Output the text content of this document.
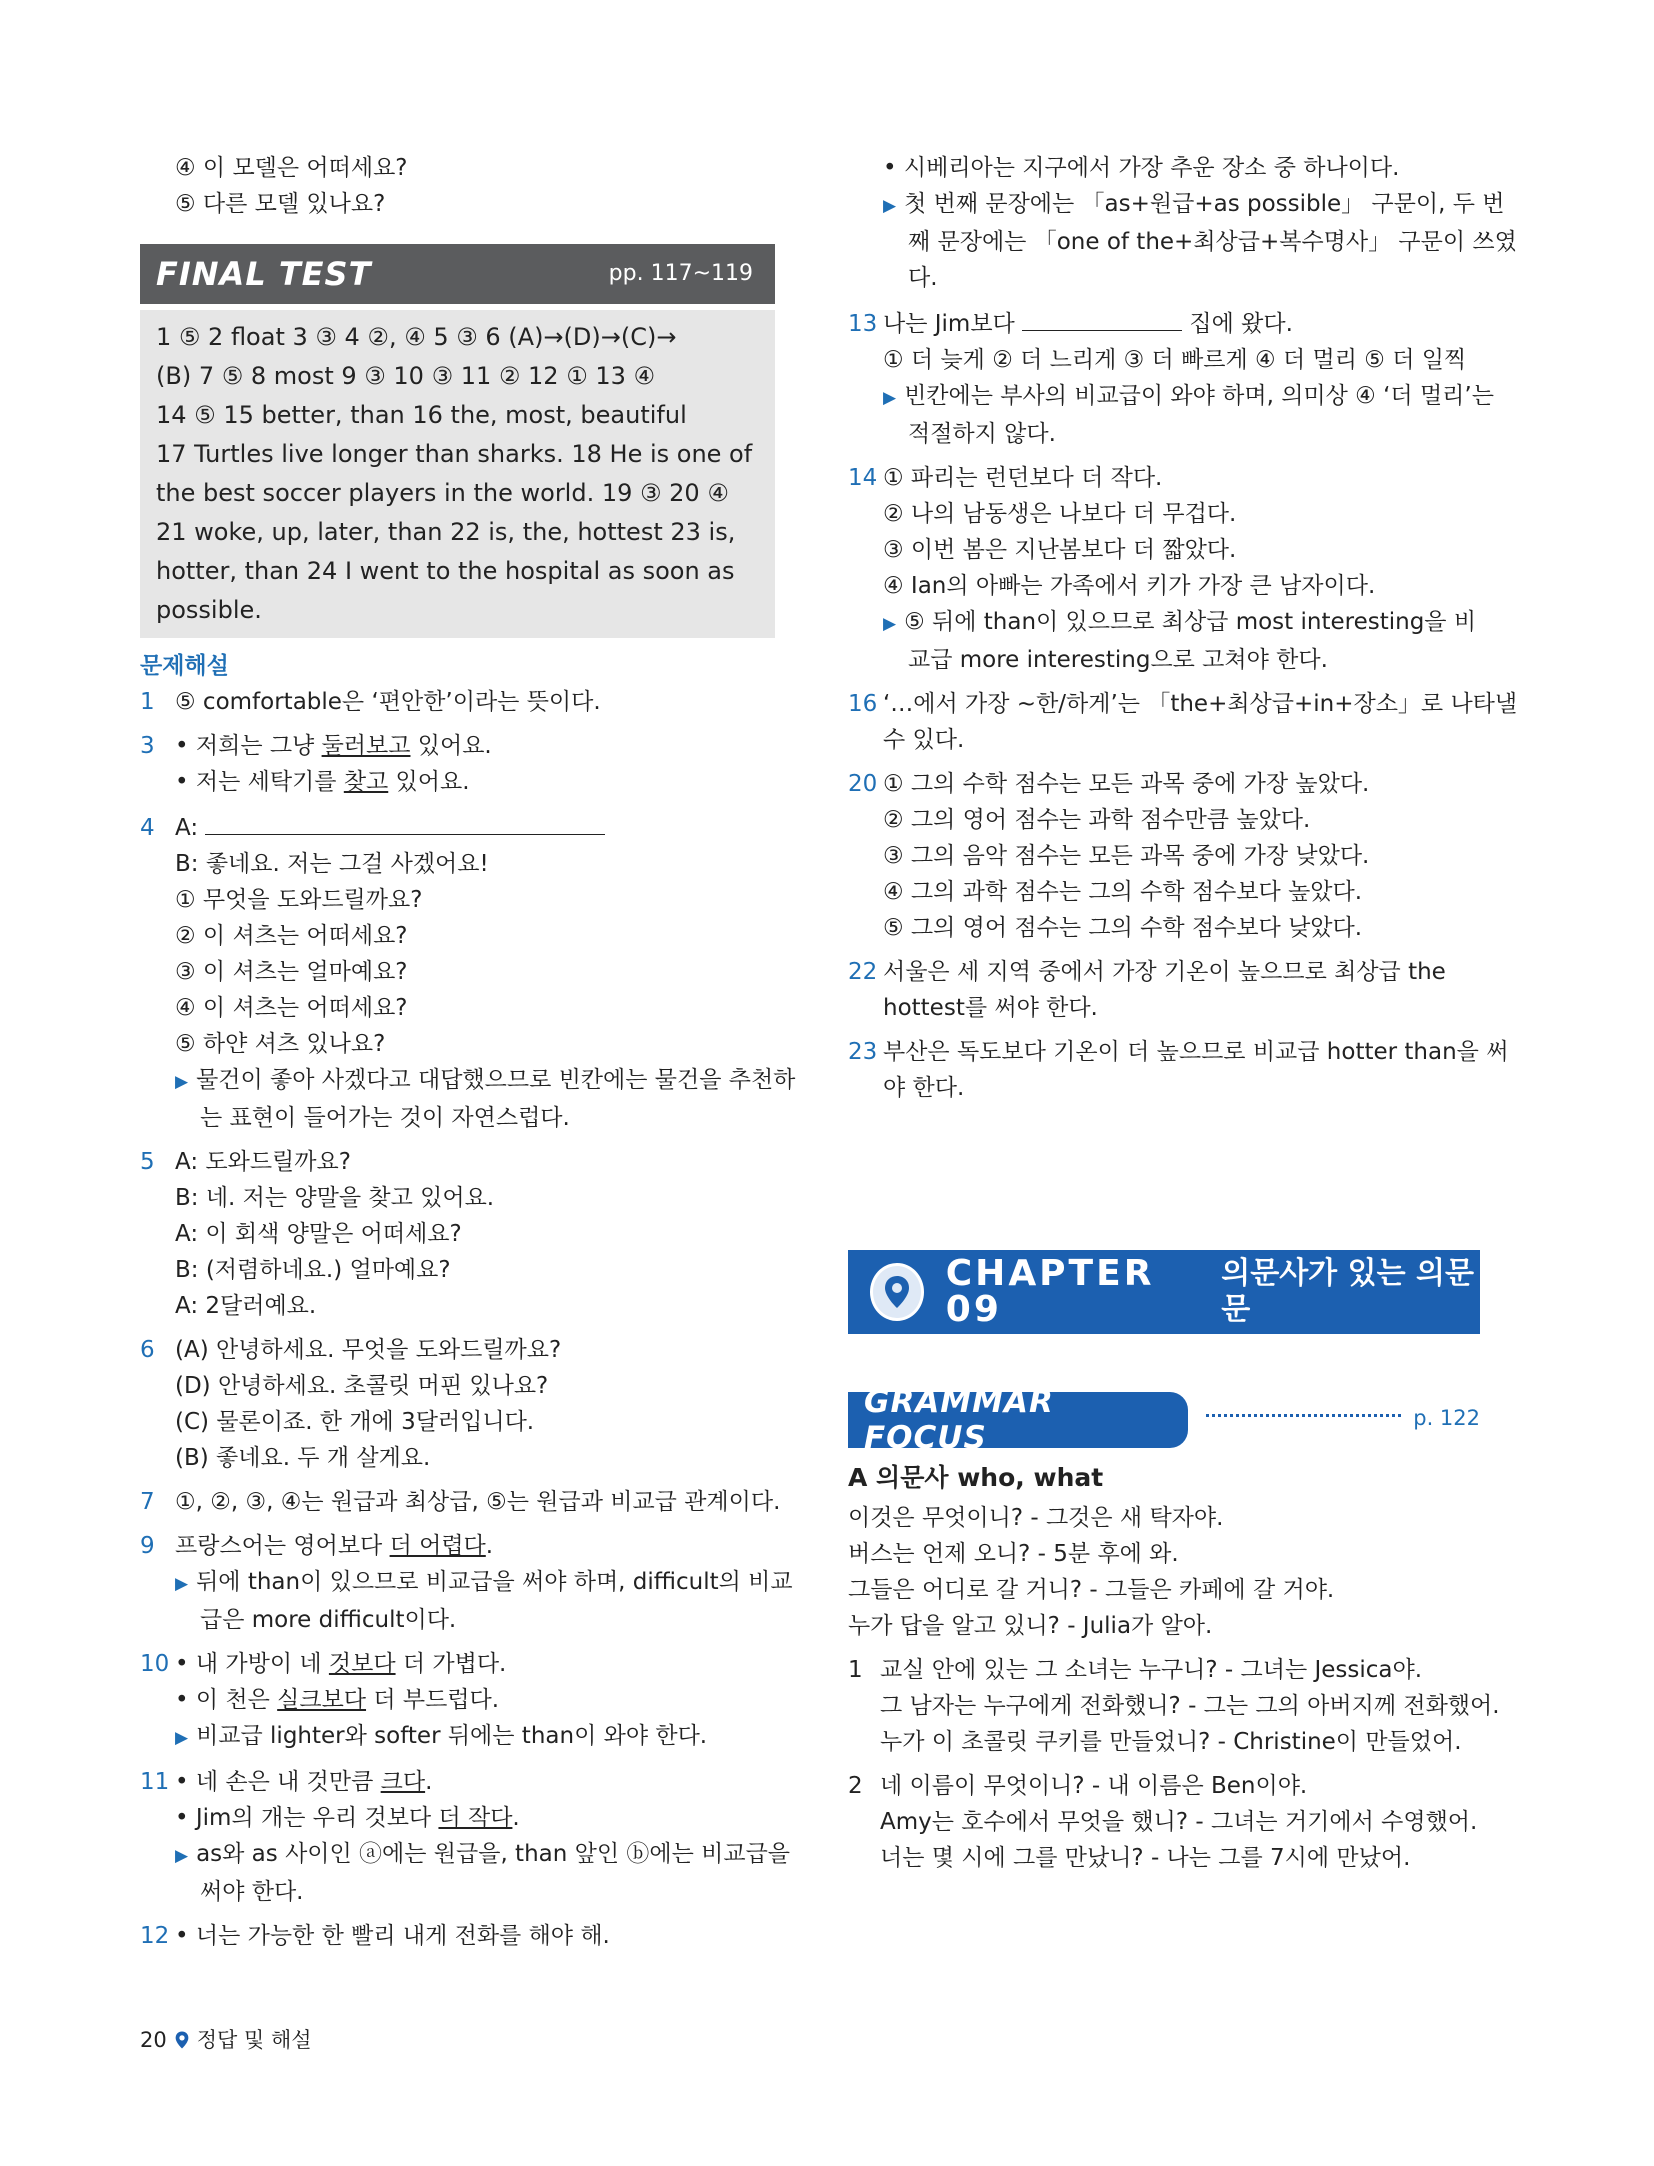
④ 이 모델은 어떠세요?
⑤ 다른 모델 있나요?
FINAL TEST	pp. 117~119
1 ⑤ 2 float 3 ③ 4 ②, ④ 5 ③ 6 (A)→(D)→(C)→
(B) 7 ⑤ 8 most 9 ③ 10 ③ 11 ② 12 ① 13 ④
14 ⑤ 15 better, than 16 the, most, beautiful
17 Turtles live longer than sharks. 18 He is one of
the best soccer players in the world. 19 ③ 20 ④
21 woke, up, later, than 22 is, the, hottest 23 is,
hotter, than 24 I went to the hospital as soon as
possible.
문제해설
1 ⑤ comfortable은 ‘편안한’이라는 뜻이다.
3 • 저희는 그냥 둘러보고 있어요.
• 저는 세탁기를 찾고 있어요.
4 A:
B: 좋네요. 저는 그걸 사겠어요!
① 무엇을 도와드릴까요?
② 이 셔츠는 어떠세요?
③ 이 셔츠는 얼마예요?
④ 이 셔츠는 어떠세요?
⑤ 하얀 셔츠 있나요?
▶ 물건이 좋아 사겠다고 대답했으므로 빈칸에는 물건을 추천하
는 표현이 들어가는 것이 자연스럽다.
5 A: 도와드릴까요?
B: 네. 저는 양말을 찾고 있어요.
A: 이 회색 양말은 어떠세요?
B: (저렴하네요.) 얼마예요?
A: 2달러예요.
6 (A) 안녕하세요. 무엇을 도와드릴까요?
(D) 안녕하세요. 초콜릿 머핀 있나요?
(C) 물론이죠. 한 개에 3달러입니다.
(B) 좋네요. 두 개 살게요.
7 ①, ②, ③, ④는 원급과 최상급, ⑤는 원급과 비교급 관계이다.
9 프랑스어는 영어보다 더 어렵다.
▶ 뒤에 than이 있으므로 비교급을 써야 하며, difficult의 비교
급은 more difficult이다.
10 • 내 가방이 네 것보다 더 가볍다.
• 이 천은 실크보다 더 부드럽다.
▶ 비교급 lighter와 softer 뒤에는 than이 와야 한다.
11 • 네 손은 내 것만큼 크다.
• Jim의 개는 우리 것보다 더 작다.
▶ as와 as 사이인 ⓐ에는 원급을, than 앞인 ⓑ에는 비교급을
써야 한다.
12 • 너는 가능한 한 빨리 내게 전화를 해야 해.
• 시베리아는 지구에서 가장 추운 장소 중 하나이다.
▶ 첫 번째 문장에는 「as+원급+as possible」 구문이, 두 번
째 문장에는 「one of the+최상급+복수명사」 구문이 쓰였
다.
13 나는 Jim보다	집에 왔다.
① 더 늦게 ② 더 느리게 ③ 더 빠르게 ④ 더 멀리 ⑤ 더 일찍
▶ 빈칸에는 부사의 비교급이 와야 하며, 의미상 ④ ‘더 멀리’는
적절하지 않다.
14 ① 파리는 런던보다 더 작다.
② 나의 남동생은 나보다 더 무겁다.
③ 이번 봄은 지난봄보다 더 짧았다.
④ Ian의 아빠는 가족에서 키가 가장 큰 남자이다.
▶ ⑤ 뒤에 than이 있으므로 최상급 most interesting을 비
교급 more interesting으로 고쳐야 한다.
16 ‘…에서 가장 ~한/하게’는 「the+최상급+in+장소」로 나타낼
수 있다.
20 ① 그의 수학 점수는 모든 과목 중에 가장 높았다.
② 그의 영어 점수는 과학 점수만큼 높았다.
③ 그의 음악 점수는 모든 과목 중에 가장 낮았다.
④ 그의 과학 점수는 그의 수학 점수보다 높았다.
⑤ 그의 영어 점수는 그의 수학 점수보다 낮았다.
22 서울은 세 지역 중에서 가장 기온이 높으므로 최상급 the
hottest를 써야 한다.
23 부산은 독도보다 기온이 더 높으므로 비교급 hotter than을 써
야 한다.
CHAPTER 09
의문사가 있는 의문문
GRAMMAR FOCUS
p. 122
A 의문사 who, what
이것은 무엇이니? - 그것은 새 탁자야.
버스는 언제 오니? - 5분 후에 와.
그들은 어디로 갈 거니? - 그들은 카페에 갈 거야.
누가 답을 알고 있니? - Julia가 알아.
1 교실 안에 있는 그 소녀는 누구니? - 그녀는 Jessica야.
그 남자는 누구에게 전화했니? - 그는 그의 아버지께 전화했어.
누가 이 초콜릿 쿠키를 만들었니? - Christine이 만들었어.
2 네 이름이 무엇이니? - 내 이름은 Ben이야.
Amy는 호수에서 무엇을 했니? - 그녀는 거기에서 수영했어.
너는 몇 시에 그를 만났니? - 나는 그를 7시에 만났어.
20 정답 및 해설
